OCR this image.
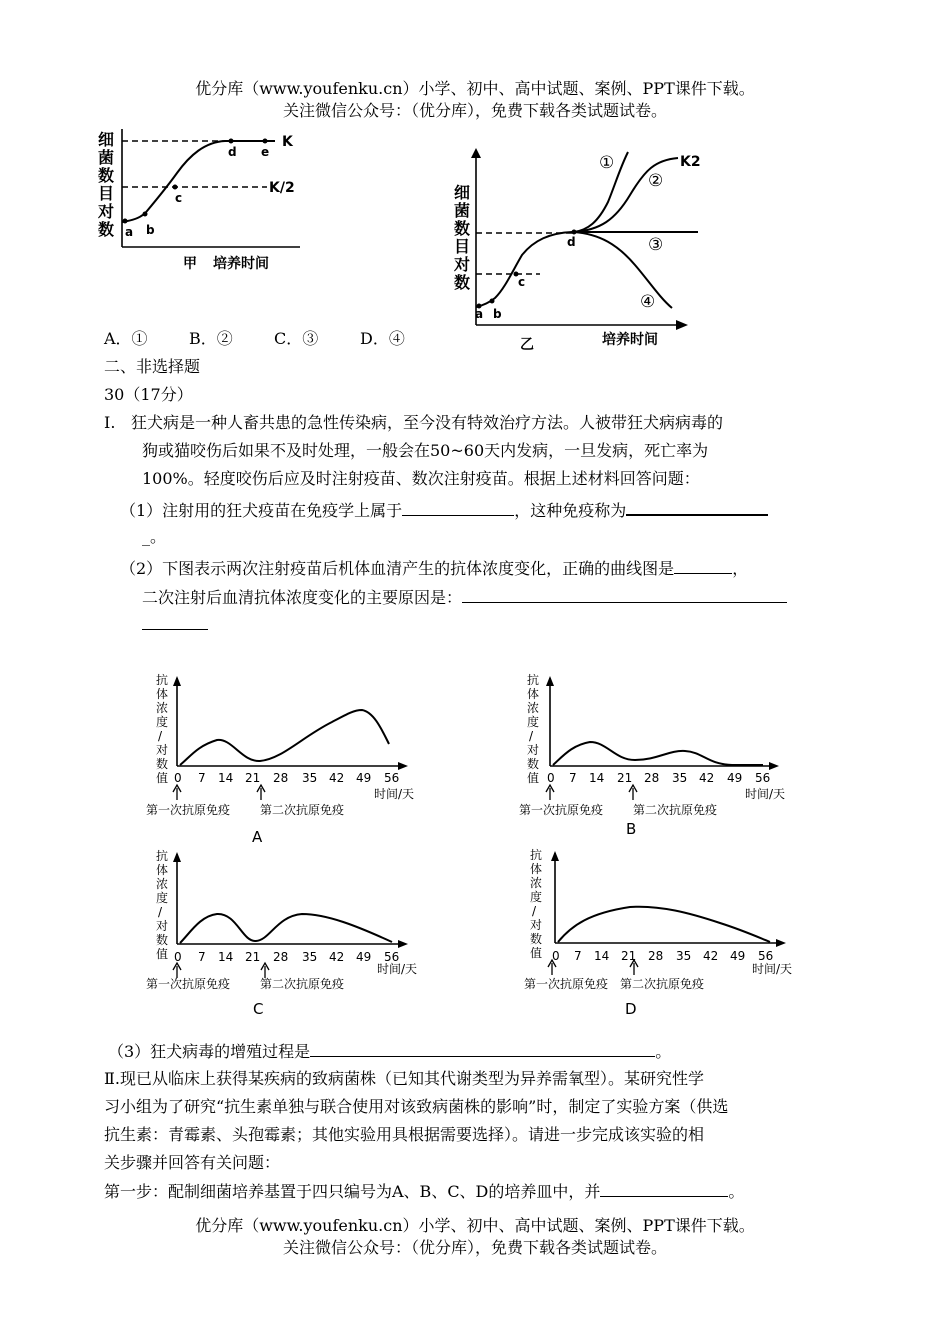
优分库（www.youfenku.cn）小学、初中、高中试题、案例、PPT课件下载。
关注微信公众号：（优分库），免费下载各类试题试卷。
细
菌
数
目
对
数 a b
c
d e
K
K/2
甲 培养时间
细
菌
数
目
对
数
a b
c
d
①
②
③
④
K2
乙	培养时间
A．①	B．②	C．③	D．④
二、非选择题
30（17分）
I. 狂犬病是一种人畜共患的急性传染病，至今没有特效治疗方法。人被带狂犬病病毒的
狗或猫咬伤后如果不及时处理，一般会在50~60天内发病，一旦发病，死亡率为
100%。轻度咬伤后应及时注射疫苗、数次注射疫苗。根据上述材料回答问题：
（1）注射用的狂犬疫苗在免疫学上属于	，这种免疫称为
_。
（2）下图表示两次注射疫苗后机体血清产生的抗体浓度变化，正确的曲线图是	，
二次注射后血清抗体浓度变化的主要原因是：
抗
体
浓
度
/
对
数
值 0 7 14 21 28 35 42 49 56
时间/天
第一次抗原免疫 第二次抗原免疫
A
抗
体
浓
度
/
对
数
值 0 7 14 21 28 35 42 49 56
时间/天
第一次抗原免疫 第二次抗原免疫
B
抗
体
浓
度
/
对
数
值 0 7 14 21 28 35 42 49 56
时间/天
第一次抗原免疫 第二次抗原免疫
C
抗
体
浓
度
/
对
数
值 0 7 14 21 28 35 42 49 56
时间/天
第一次抗原免疫 第二次抗原免疫
D
（3）狂犬病毒的增殖过程是	。
Ⅱ.现已从临床上获得某疾病的致病菌株（已知其代谢类型为异养需氧型）。某研究性学
习小组为了研究“抗生素单独与联合使用对该致病菌株的影响”时，制定了实验方案（供选
抗生素：青霉素、头孢霉素；其他实验用具根据需要选择）。请进一步完成该实验的相
关步骤并回答有关问题：
第一步：配制细菌培养基置于四只编号为A、B、C、D的培养皿中，并	。
优分库（www.youfenku.cn）小学、初中、高中试题、案例、PPT课件下载。
关注微信公众号：（优分库），免费下载各类试题试卷。
